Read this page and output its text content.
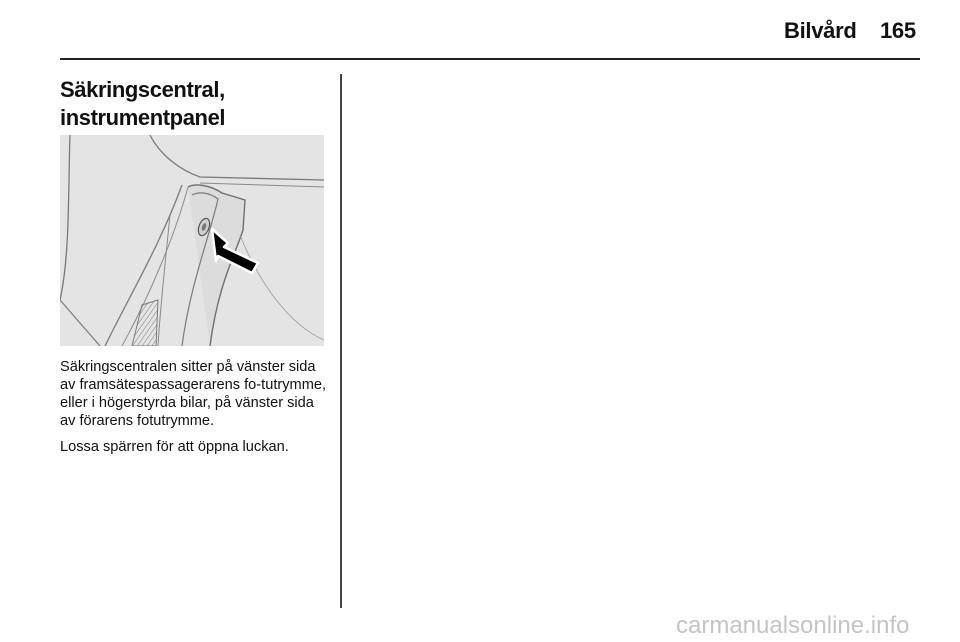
Bilvård 165
Säkringscentral,
instrumentpanel

Säkringscentralen sitter på vänster sida av framsätespassagerarens fo-tutrymme, eller i högerstyrda bilar, på vänster sida av förarens fotutrymme.

Lossa spärren för att öppna luckan.

carmanualsonline.info
